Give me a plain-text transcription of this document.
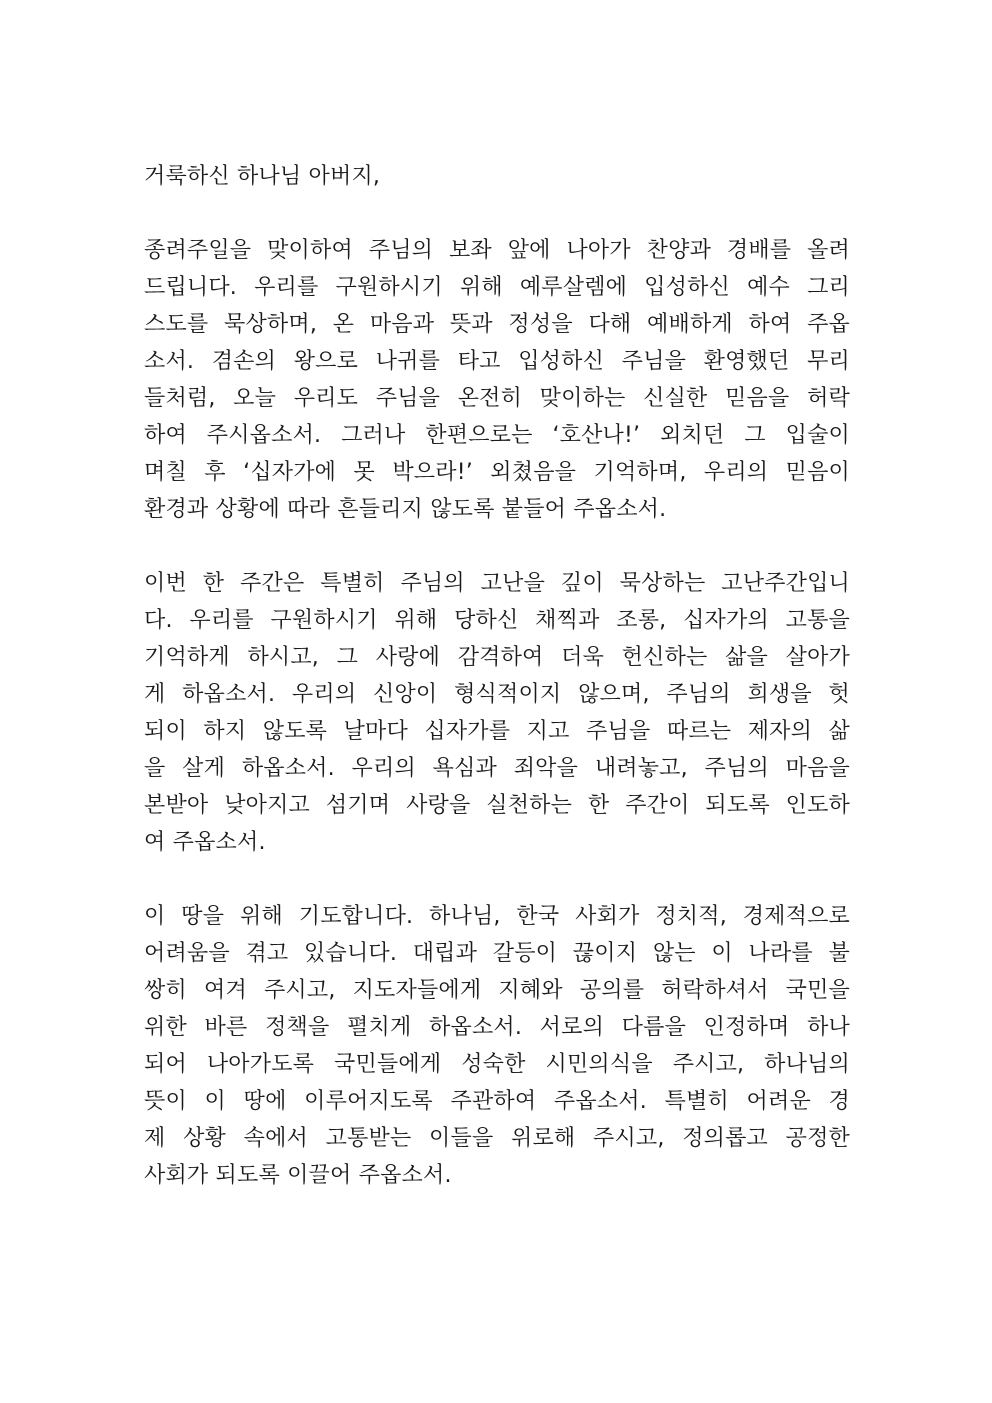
거룩하신 하나님 아버지,
종려주일을 맞이하여 주님의 보좌 앞에 나아가 찬양과 경배를 올려
드립니다. 우리를 구원하시기 위해 예루살렘에 입성하신 예수 그리
스도를 묵상하며, 온 마음과 뜻과 정성을 다해 예배하게 하여 주옵
소서. 겸손의 왕으로 나귀를 타고 입성하신 주님을 환영했던 무리
들처럼, 오늘 우리도 주님을 온전히 맞이하는 신실한 믿음을 허락
하여 주시옵소서. 그러나 한편으로는 ‘호산나!’ 외치던 그 입술이
며칠 후 ‘십자가에 못 박으라!’ 외쳤음을 기억하며, 우리의 믿음이
환경과 상황에 따라 흔들리지 않도록 붙들어 주옵소서.
이번 한 주간은 특별히 주님의 고난을 깊이 묵상하는 고난주간입니
다. 우리를 구원하시기 위해 당하신 채찍과 조롱, 십자가의 고통을
기억하게 하시고, 그 사랑에 감격하여 더욱 헌신하는 삶을 살아가
게 하옵소서. 우리의 신앙이 형식적이지 않으며, 주님의 희생을 헛
되이 하지 않도록 날마다 십자가를 지고 주님을 따르는 제자의 삶
을 살게 하옵소서. 우리의 욕심과 죄악을 내려놓고, 주님의 마음을
본받아 낮아지고 섬기며 사랑을 실천하는 한 주간이 되도록 인도하
여 주옵소서.
이 땅을 위해 기도합니다. 하나님, 한국 사회가 정치적, 경제적으로
어려움을 겪고 있습니다. 대립과 갈등이 끊이지 않는 이 나라를 불
쌍히 여겨 주시고, 지도자들에게 지혜와 공의를 허락하셔서 국민을
위한 바른 정책을 펼치게 하옵소서. 서로의 다름을 인정하며 하나
되어 나아가도록 국민들에게 성숙한 시민의식을 주시고, 하나님의
뜻이 이 땅에 이루어지도록 주관하여 주옵소서. 특별히 어려운 경
제 상황 속에서 고통받는 이들을 위로해 주시고, 정의롭고 공정한
사회가 되도록 이끌어 주옵소서.
